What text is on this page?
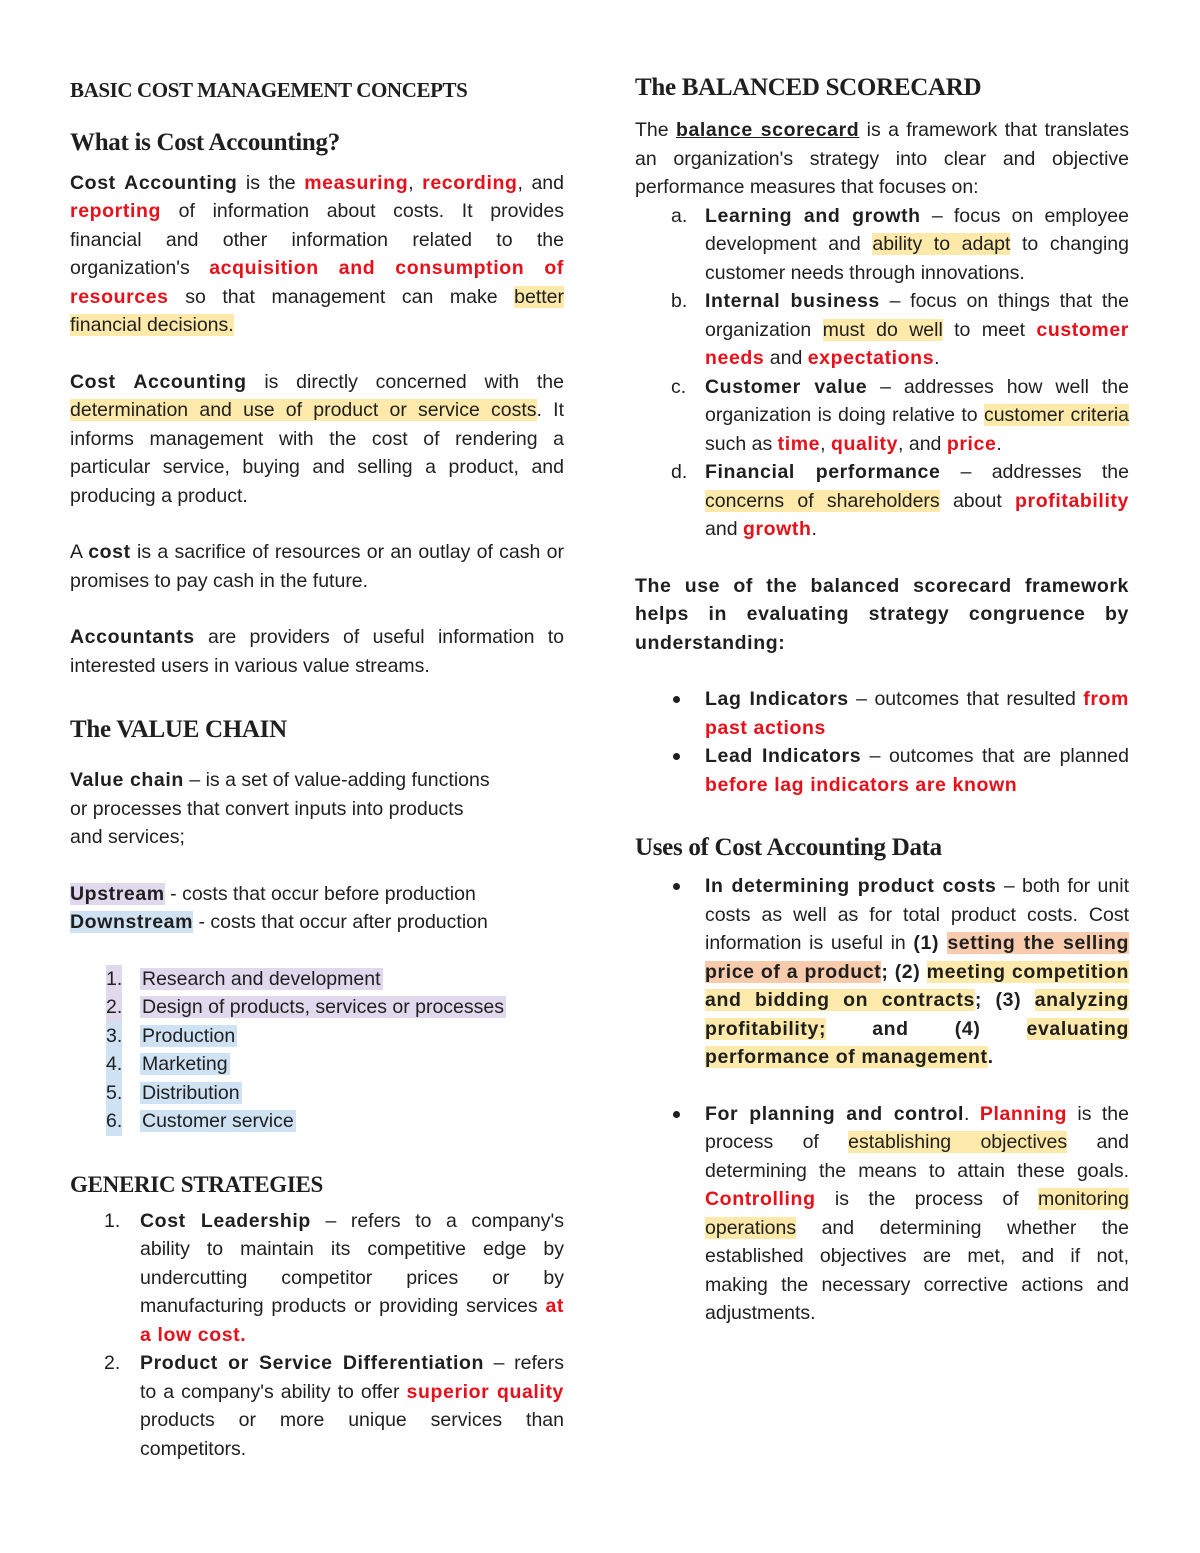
BASIC COST MANAGEMENT CONCEPTS
What is Cost Accounting?

Cost Accounting is the measuring, recording, and reporting of information about costs. It provides financial and other information related to the organization's acquisition and consumption of resources so that management can make better financial decisions.

Cost Accounting is directly concerned with the determination and use of product or service costs. It informs management with the cost of rendering a particular service, buying and selling a product, and producing a product.

A cost is a sacrifice of resources or an outlay of cash or promises to pay cash in the future.

Accountants are providers of useful information to interested users in various value streams.

The VALUE CHAIN

Value chain – is a set of value-adding functions
or processes that convert inputs into products
and services;

Upstream - costs that occur before production

Downstream - costs that occur after production

1. Research and development
2. Design of products, services or processes
3. Production
4. Marketing
5. Distribution
6. Customer service
GENERIC STRATEGIES
1. Cost Leadership – refers to a company's ability to maintain its competitive edge by undercutting competitor prices or by manufacturing products or providing services at a low cost.
2. Product or Service Differentiation – refers to a company's ability to offer superior quality products or more unique services than competitors.
The BALANCED SCORECARD

The balance scorecard is a framework that translates an organization's strategy into clear and objective performance measures that focuses on:

a. Learning and growth – focus on employee development and ability to adapt to changing customer needs through innovations.
b. Internal business – focus on things that the organization must do well to meet customer needs and expectations.
c. Customer value – addresses how well the organization is doing relative to customer criteria such as time, quality, and price.
d. Financial performance – addresses the concerns of shareholders about profitability and growth.

The use of the balanced scorecard framework helps in evaluating strategy congruence by understanding:

Lag Indicators – outcomes that resulted from past actions
Lead Indicators – outcomes that are planned before lag indicators are known
Uses of Cost Accounting Data
In determining product costs – both for unit costs as well as for total product costs. Cost information is useful in (1) setting the selling price of a product; (2) meeting competition and bidding on contracts; (3) analyzing profitability; and (4) evaluating performance of management.
For planning and control. Planning is the process of establishing objectives and determining the means to attain these goals. Controlling is the process of monitoring operations and determining whether the established objectives are met, and if not, making the necessary corrective actions and adjustments.
